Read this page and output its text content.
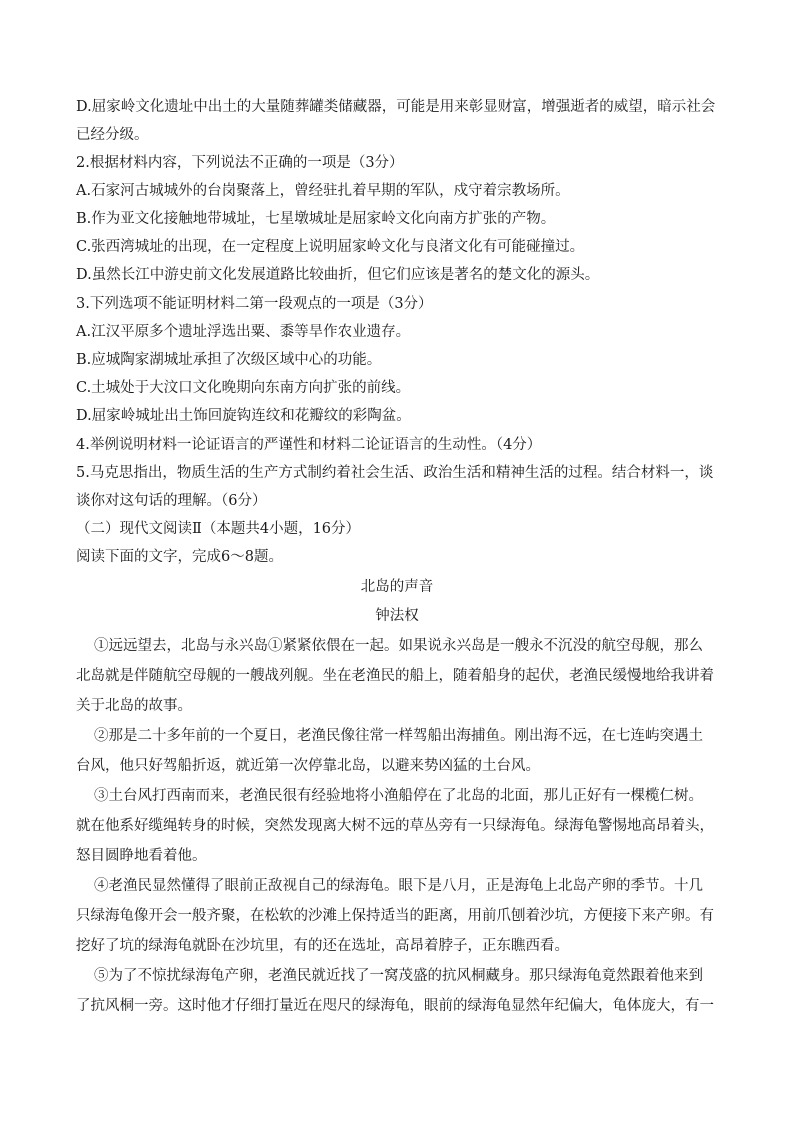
D.屈家岭文化遗址中出土的大量随葬罐类储藏器，可能是用来彰显财富，增强逝者的威望，暗示社会
已经分级。
2.根据材料内容，下列说法不正确的一项是（3分）
A.石家河古城城外的台岗聚落上，曾经驻扎着早期的军队，戍守着宗教场所。
B.作为亚文化接触地带城址，七星墩城址是屈家岭文化向南方扩张的产物。
C.张西湾城址的出现，在一定程度上说明屈家岭文化与良渚文化有可能碰撞过。
D.虽然长江中游史前文化发展道路比较曲折，但它们应该是著名的楚文化的源头。
3.下列选项不能证明材料二第一段观点的一项是（3分）
A.江汉平原多个遗址浮选出粟、黍等旱作农业遗存。
B.应城陶家湖城址承担了次级区域中心的功能。
C.土城处于大汶口文化晚期向东南方向扩张的前线。
D.屈家岭城址出土饰回旋钩连纹和花瓣纹的彩陶盆。
4.举例说明材料一论证语言的严谨性和材料二论证语言的生动性。（4分）
5.马克思指出，物质生活的生产方式制约着社会生活、政治生活和精神生活的过程。结合材料一，谈
谈你对这句话的理解。（6分）
（二）现代文阅读Ⅱ（本题共4小题，16分）
阅读下面的文字，完成6～8题。
北岛的声音
钟法权
①远远望去，北岛与永兴岛①紧紧依偎在一起。如果说永兴岛是一艘永不沉没的航空母舰，那么
北岛就是伴随航空母舰的一艘战列舰。坐在老渔民的船上，随着船身的起伏，老渔民缓慢地给我讲着
关于北岛的故事。
②那是二十多年前的一个夏日，老渔民像往常一样驾船出海捕鱼。刚出海不远，在七连屿突遇土
台风，他只好驾船折返，就近第一次停靠北岛，以避来势凶猛的土台风。
③土台风打西南而来，老渔民很有经验地将小渔船停在了北岛的北面，那儿正好有一棵榄仁树。
就在他系好缆绳转身的时候，突然发现离大树不远的草丛旁有一只绿海龟。绿海龟警惕地高昂着头，
怒目圆睁地看着他。
④老渔民显然懂得了眼前正敌视自己的绿海龟。眼下是八月，正是海龟上北岛产卵的季节。十几
只绿海龟像开会一般齐聚，在松软的沙滩上保持适当的距离，用前爪刨着沙坑，方便接下来产卵。有
挖好了坑的绿海龟就卧在沙坑里，有的还在选址，高昂着脖子，正东瞧西看。
⑤为了不惊扰绿海龟产卵，老渔民就近找了一窝茂盛的抗风桐藏身。那只绿海龟竟然跟着他来到
了抗风桐一旁。这时他才仔细打量近在咫尺的绿海龟，眼前的绿海龟显然年纪偏大，龟体庞大，有一
